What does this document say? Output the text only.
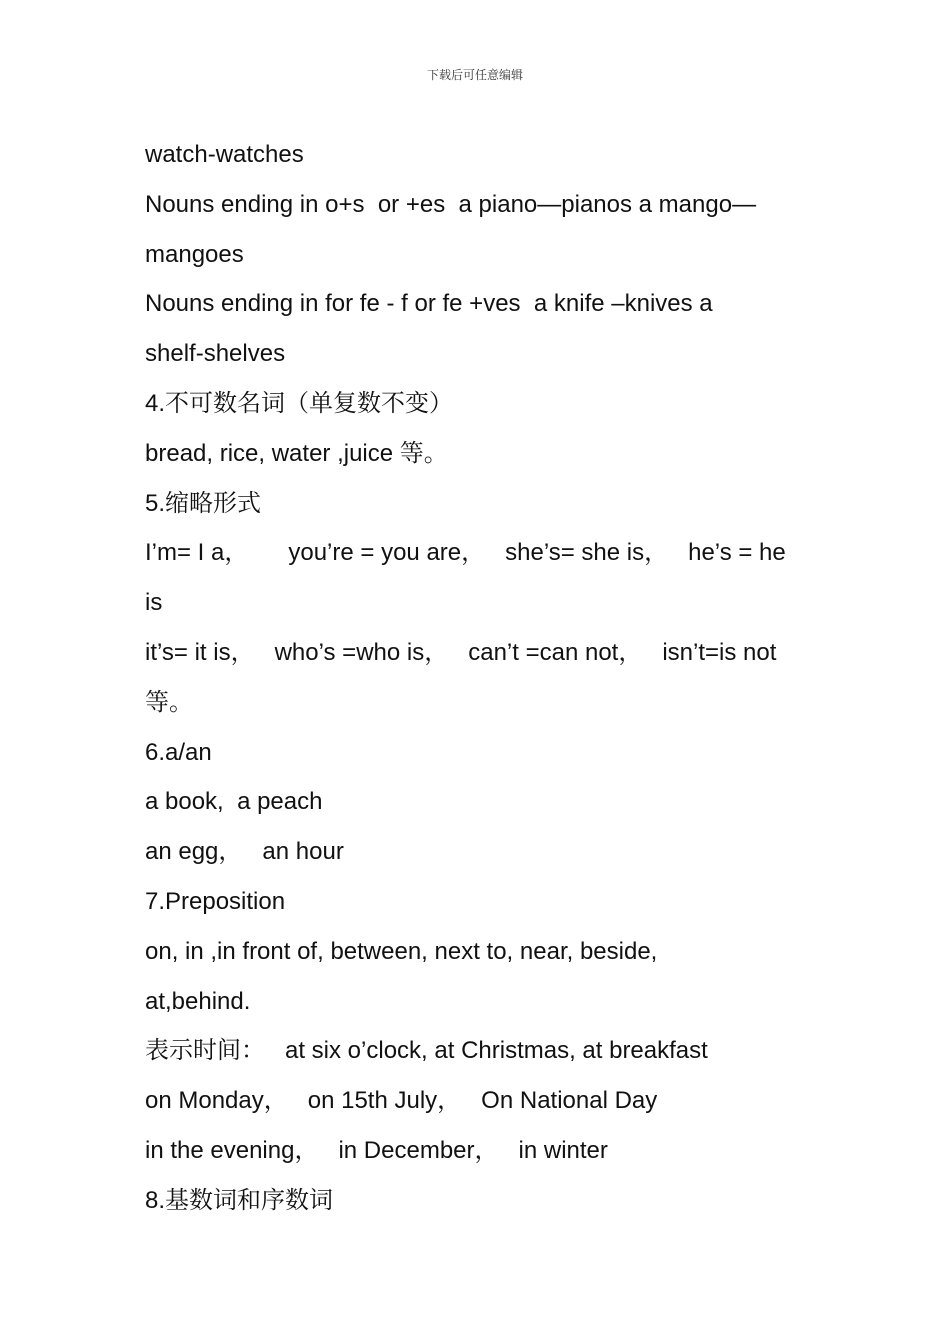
下载后可任意编辑
watch-watches
Nouns ending in o+s  or +es  a piano—pianos a mango—
mangoes
Nouns ending in for fe - f or fe +ves  a knife –knives a
shelf-shelves
4.不可数名词（单复数不变）
bread, rice, water ,juice 等。
5.缩略形式
I’m= I a，      you’re = you are，   she’s= she is，   he’s = he
is
it’s= it is，   who’s =who is，   can’t =can not，   isn’t=is not
等。
6.a/an
a book,  a peach
an egg，   an hour
7.Preposition
on, in ,in front of, between, next to, near, beside,
at,behind.
表示时间：   at six o’clock, at Christmas, at breakfast
on Monday，   on 15th July，   On National Day
in the evening，   in December，   in winter
8.基数词和序数词
